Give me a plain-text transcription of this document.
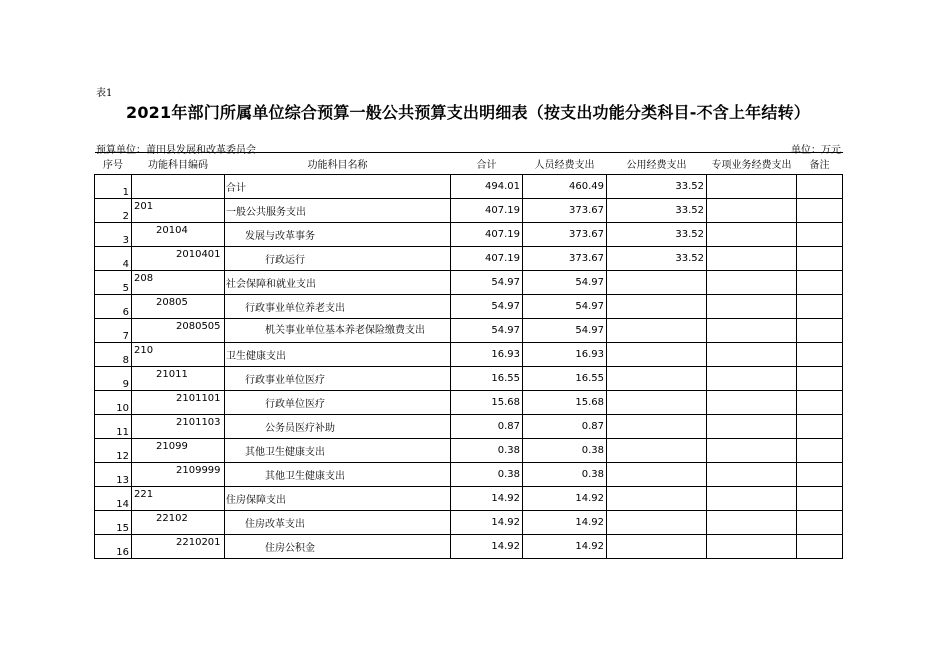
表1
2021年部门所属单位综合预算一般公共预算支出明细表（按支出功能分类科目-不含上年结转）
预算单位：莆田县发展和改革委员会	单位：万元
序号	功能科目编码	功能科目名称	合计	人员经费支出	公用经费支出	专项业务经费支出	备注
1		合计	494.01	460.49	33.52		
2	201	一般公共服务支出	407.19	373.67	33.52		
3	20104	发展与改革事务	407.19	373.67	33.52		
4	2010401	行政运行	407.19	373.67	33.52		
5	208	社会保障和就业支出	54.97	54.97			
6	20805	行政事业单位养老支出	54.97	54.97			
7	2080505	机关事业单位基本养老保险缴费支出	54.97	54.97			
8	210	卫生健康支出	16.93	16.93			
9	21011	行政事业单位医疗	16.55	16.55			
10	2101101	行政单位医疗	15.68	15.68			
11	2101103	公务员医疗补助	0.87	0.87			
12	21099	其他卫生健康支出	0.38	0.38			
13	2109999	其他卫生健康支出	0.38	0.38			
14	221	住房保障支出	14.92	14.92			
15	22102	住房改革支出	14.92	14.92			
16	2210201	住房公积金	14.92	14.92			
